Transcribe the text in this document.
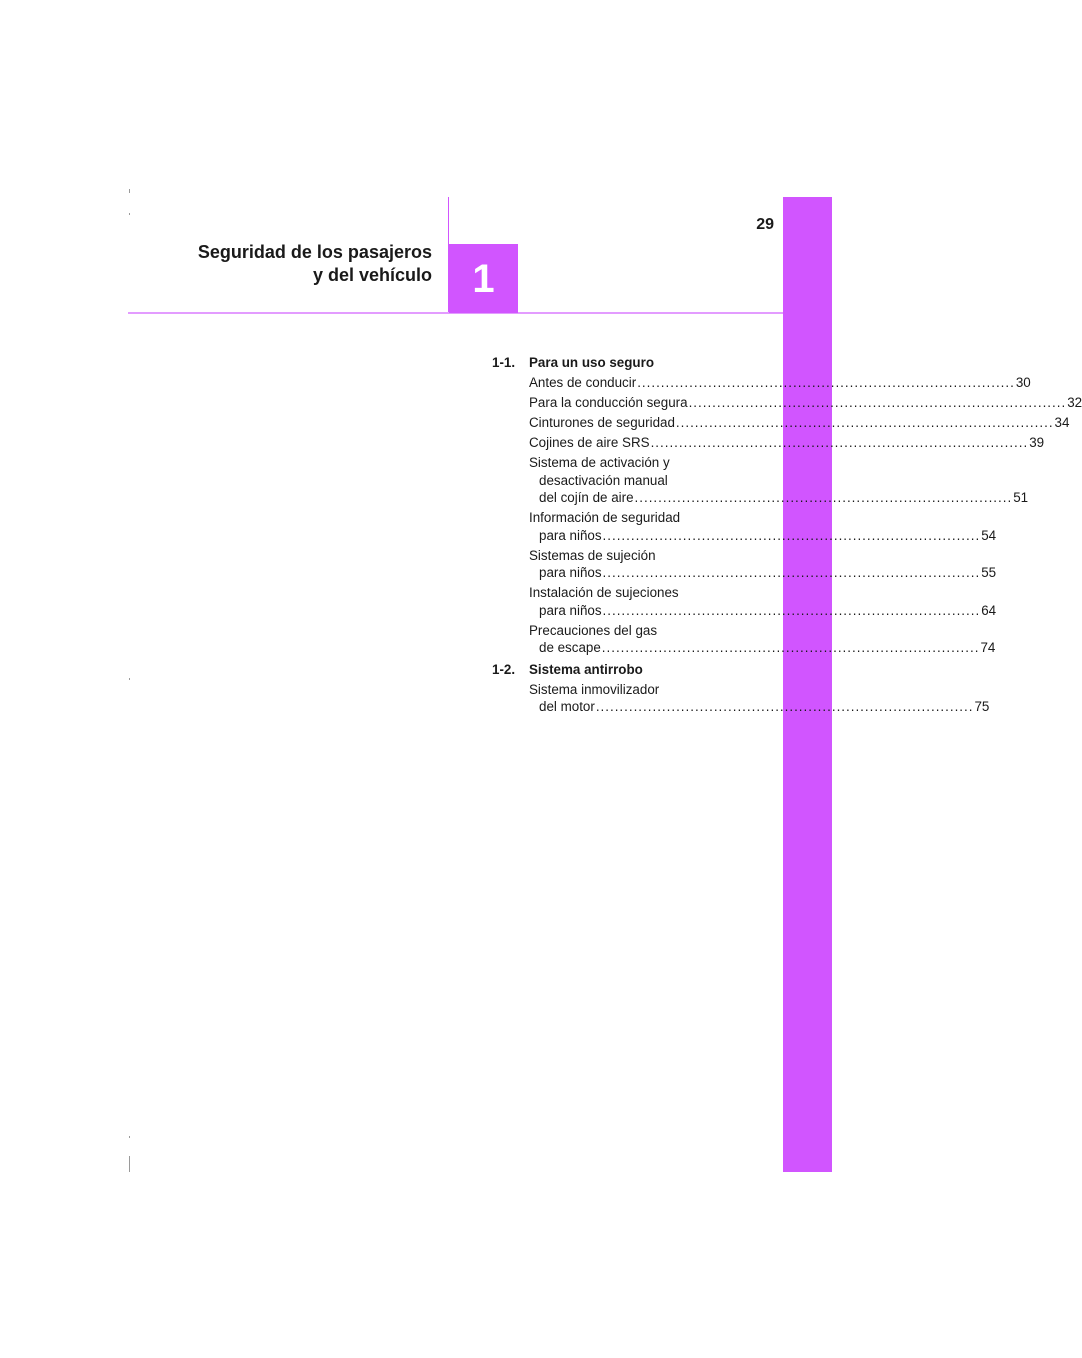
1
29
Seguridad de los pasajeros
y del vehículo
1-1.	Para un uso seguro
Antes de conducir ................................................................................ 30
Para la conducción segura ................................................................................ 32
Cinturones de seguridad ................................................................................ 34
Cojines de aire SRS ................................................................................ 39
Sistema de activación y
desactivación manual
del cojín de aire ................................................................................ 51
Información de seguridad
para niños ................................................................................ 54
Sistemas de sujeción
para niños ................................................................................ 55
Instalación de sujeciones
para niños ................................................................................ 64
Precauciones del gas
de escape ................................................................................ 74
1-2.	Sistema antirrobo
Sistema inmovilizador
del motor ................................................................................ 75
